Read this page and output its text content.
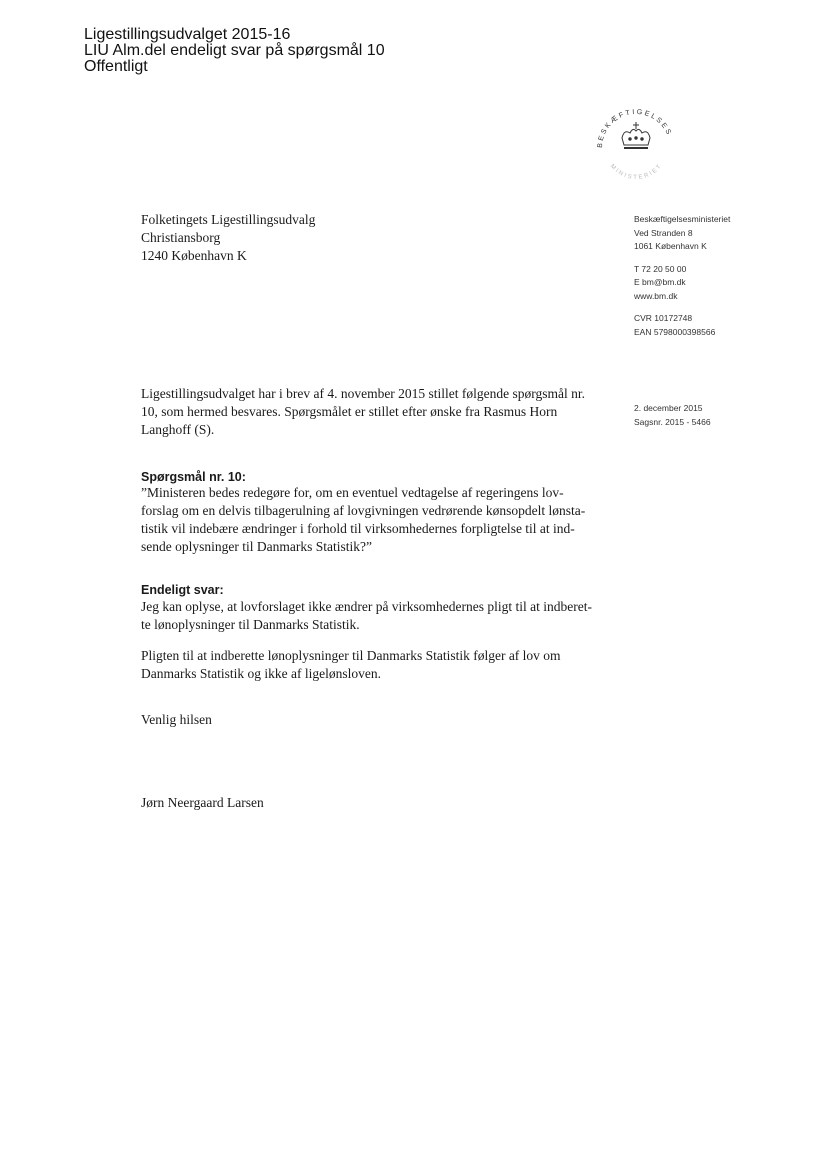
Ligestillingsudvalget 2015-16
LIU Alm.del endeligt svar på spørgsmål 10
Offentligt
BESKÆFTIGELSES
MINISTERIET
Folketingets Ligestillingsudvalg
Christiansborg
1240 København K
Beskæftigelsesministeriet
Ved Stranden 8
1061 København K
T 72 20 50 00
E bm@bm.dk
www.bm.dk
CVR 10172748
EAN 5798000398566
2. december 2015
Sagsnr. 2015 - 5466
Ligestillingsudvalget har i brev af 4. november 2015 stillet følgende spørgsmål nr.
10, som hermed besvares. Spørgsmålet er stillet efter ønske fra Rasmus Horn
Langhoff (S).
Spørgsmål nr. 10:
”Ministeren bedes redegøre for, om en eventuel vedtagelse af regeringens lov-
forslag om en delvis tilbagerulning af lovgivningen vedrørende kønsopdelt lønsta-
tistik vil indebære ændringer i forhold til virksomhedernes forpligtelse til at ind-
sende oplysninger til Danmarks Statistik?”
Endeligt svar:
Jeg kan oplyse, at lovforslaget ikke ændrer på virksomhedernes pligt til at indberet-
te lønoplysninger til Danmarks Statistik.
Pligten til at indberette lønoplysninger til Danmarks Statistik følger af lov om
Danmarks Statistik og ikke af ligelønsloven.
Venlig hilsen
Jørn Neergaard Larsen
